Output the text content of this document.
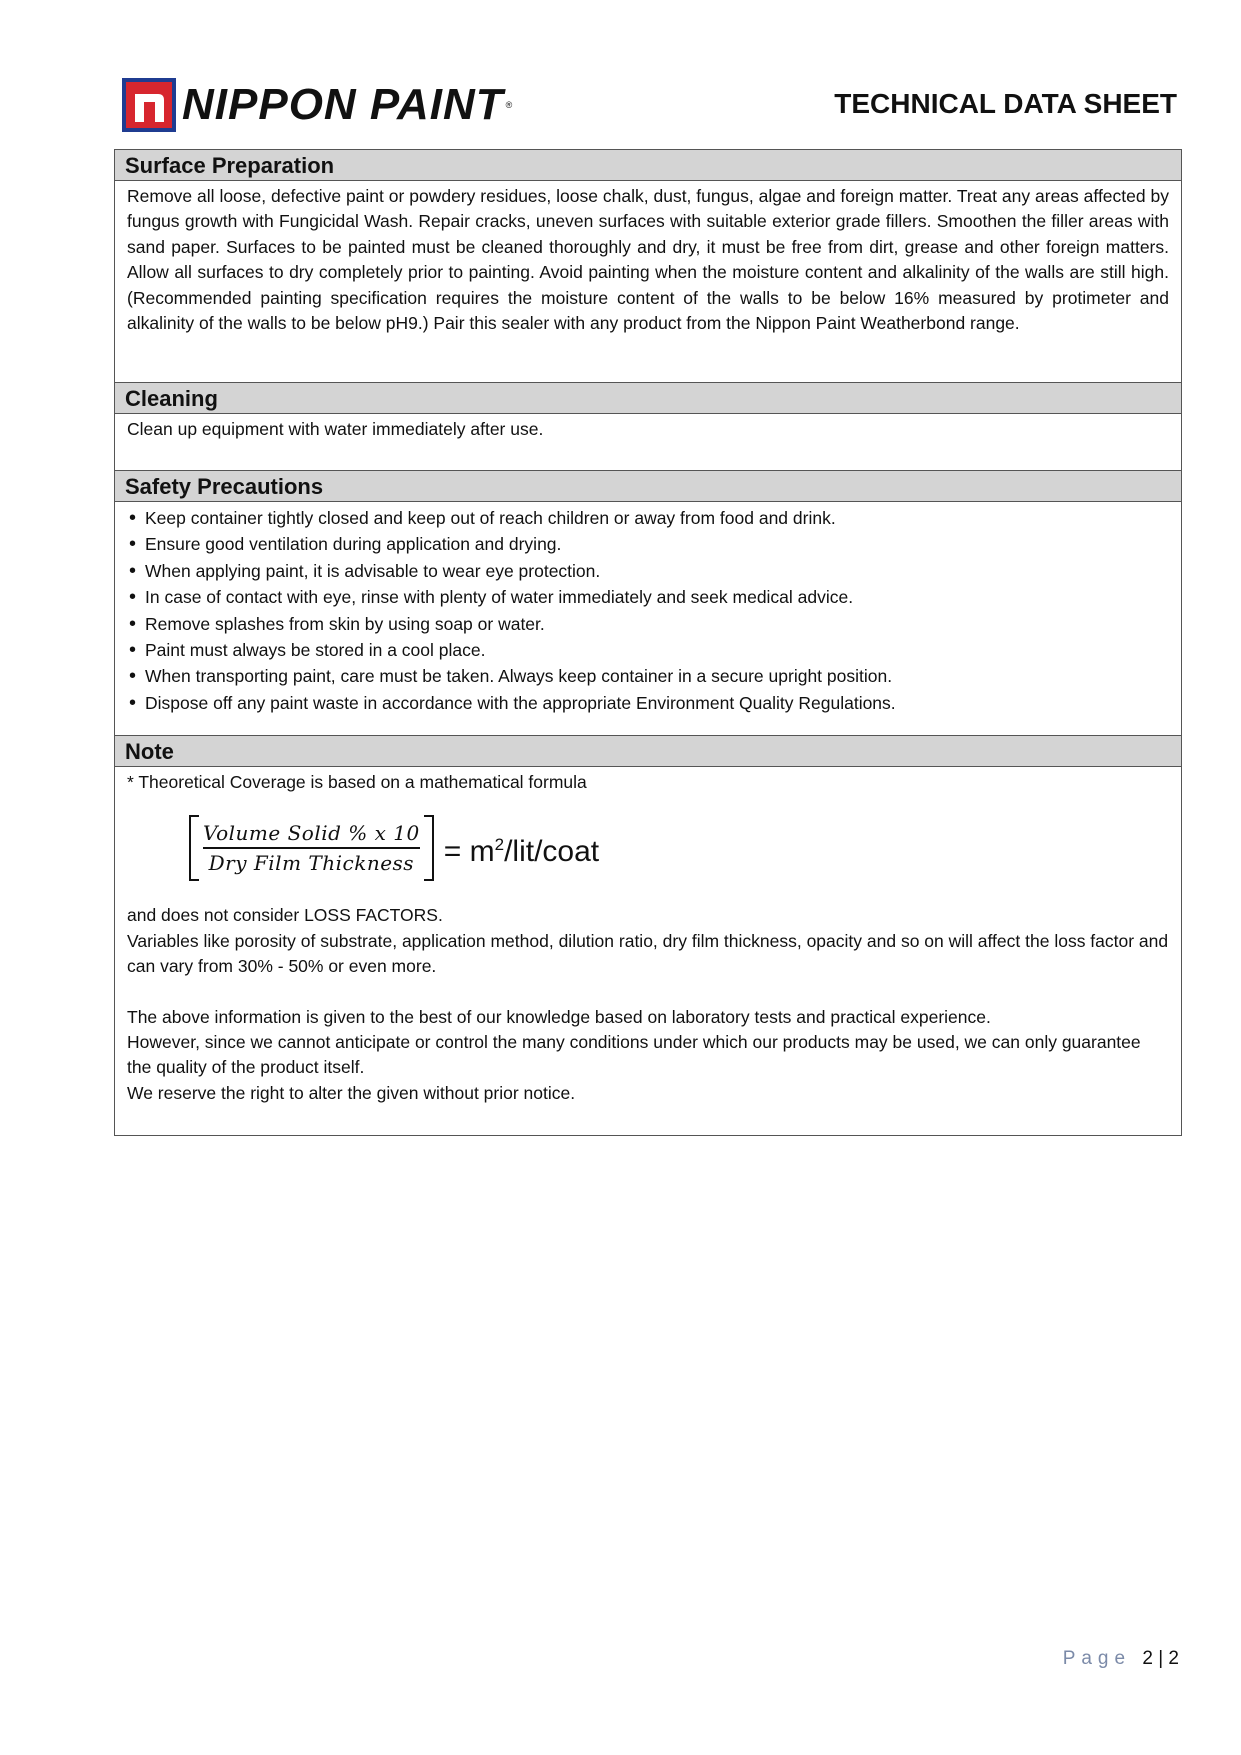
NIPPON PAINT ®	TECHNICAL DATA SHEET
Surface Preparation
Remove all loose, defective paint or powdery residues, loose chalk, dust, fungus, algae and foreign matter. Treat any areas affected by fungus growth with Fungicidal Wash. Repair cracks, uneven surfaces with suitable exterior grade fillers. Smoothen the filler areas with sand paper. Surfaces to be painted must be cleaned thoroughly and dry, it must be free from dirt, grease and other foreign matters. Allow all surfaces to dry completely prior to painting. Avoid painting when the moisture content and alkalinity of the walls are still high. (Recommended painting specification requires the moisture content of the walls to be below 16% measured by protimeter and alkalinity of the walls to be below pH9.) Pair this sealer with any product from the Nippon Paint Weatherbond range.
Cleaning
Clean up equipment with water immediately after use.
Safety Precautions
• Keep container tightly closed and keep out of reach children or away from food and drink.
• Ensure good ventilation during application and drying.
• When applying paint, it is advisable to wear eye protection.
• In case of contact with eye, rinse with plenty of water immediately and seek medical advice.
• Remove splashes from skin by using soap or water.
• Paint must always be stored in a cool place.
• When transporting paint, care must be taken. Always keep container in a secure upright position.
• Dispose off any paint waste in accordance with the appropriate Environment Quality Regulations.
Note
* Theoretical Coverage is based on a mathematical formula
$\frac{\text{Volume Solid \% x 10}}{\text{Dry Film Thickness}}$ = $m^2/lit$/coat
and does not consider LOSS FACTORS.
Variables like porosity of substrate, application method, dilution ratio, dry film thickness, opacity and so on will affect the loss factor and can vary from 30% - 50% or even more.
The above information is given to the best of our knowledge based on laboratory tests and practical experience.
However, since we cannot anticipate or control the many conditions under which our products may be used, we can only guarantee the quality of the product itself.
We reserve the right to alter the given without prior notice.
Page 2 | 2
